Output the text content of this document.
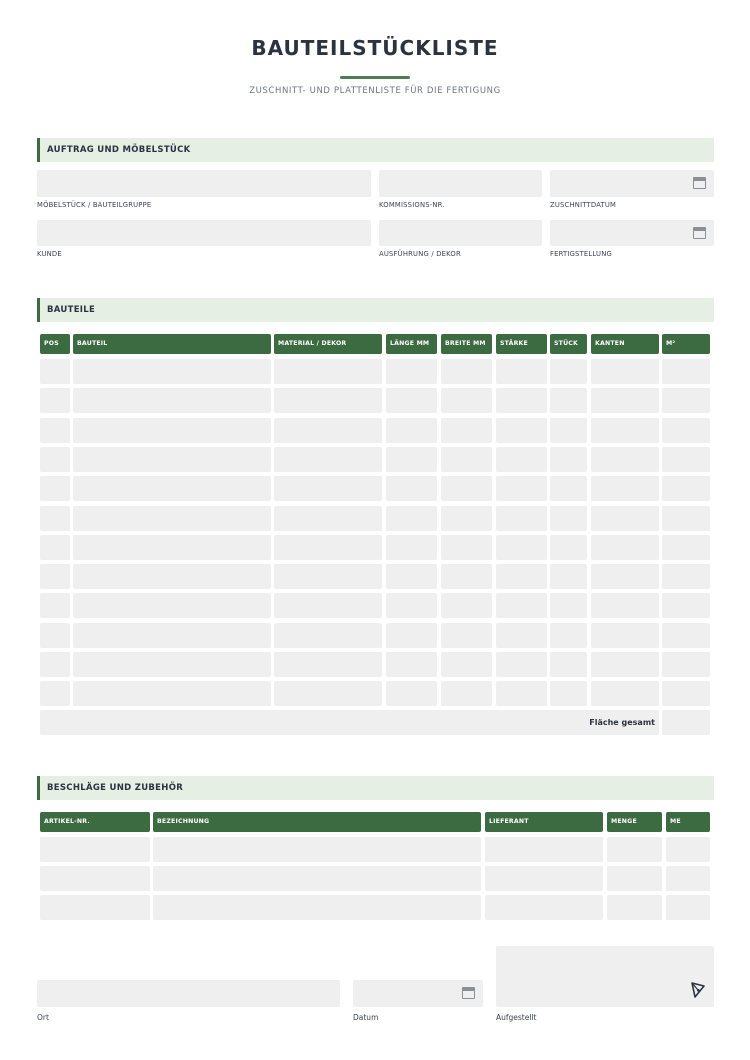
BAUTEILSTÜCKLISTE
ZUSCHNITT- UND PLATTENLISTE FÜR DIE FERTIGUNG
AUFTRAG UND MÖBELSTÜCK
MÖBELSTÜCK / BAUTEILGRUPPE	KOMMISSIONS-NR.	ZUSCHNITTDATUM
KUNDE	AUSFÜHRUNG / DEKOR	FERTIGSTELLUNG
BAUTEILE
POS	BAUTEIL	MATERIAL / DEKOR	LÄNGE MM	BREITE MM	STÄRKE	STÜCK	KANTEN	M²
Fläche gesamt
BESCHLÄGE UND ZUBEHÖR
ARTIKEL-NR.	BEZEICHNUNG	LIEFERANT	MENGE	ME
Ort	Datum	Aufgestellt
